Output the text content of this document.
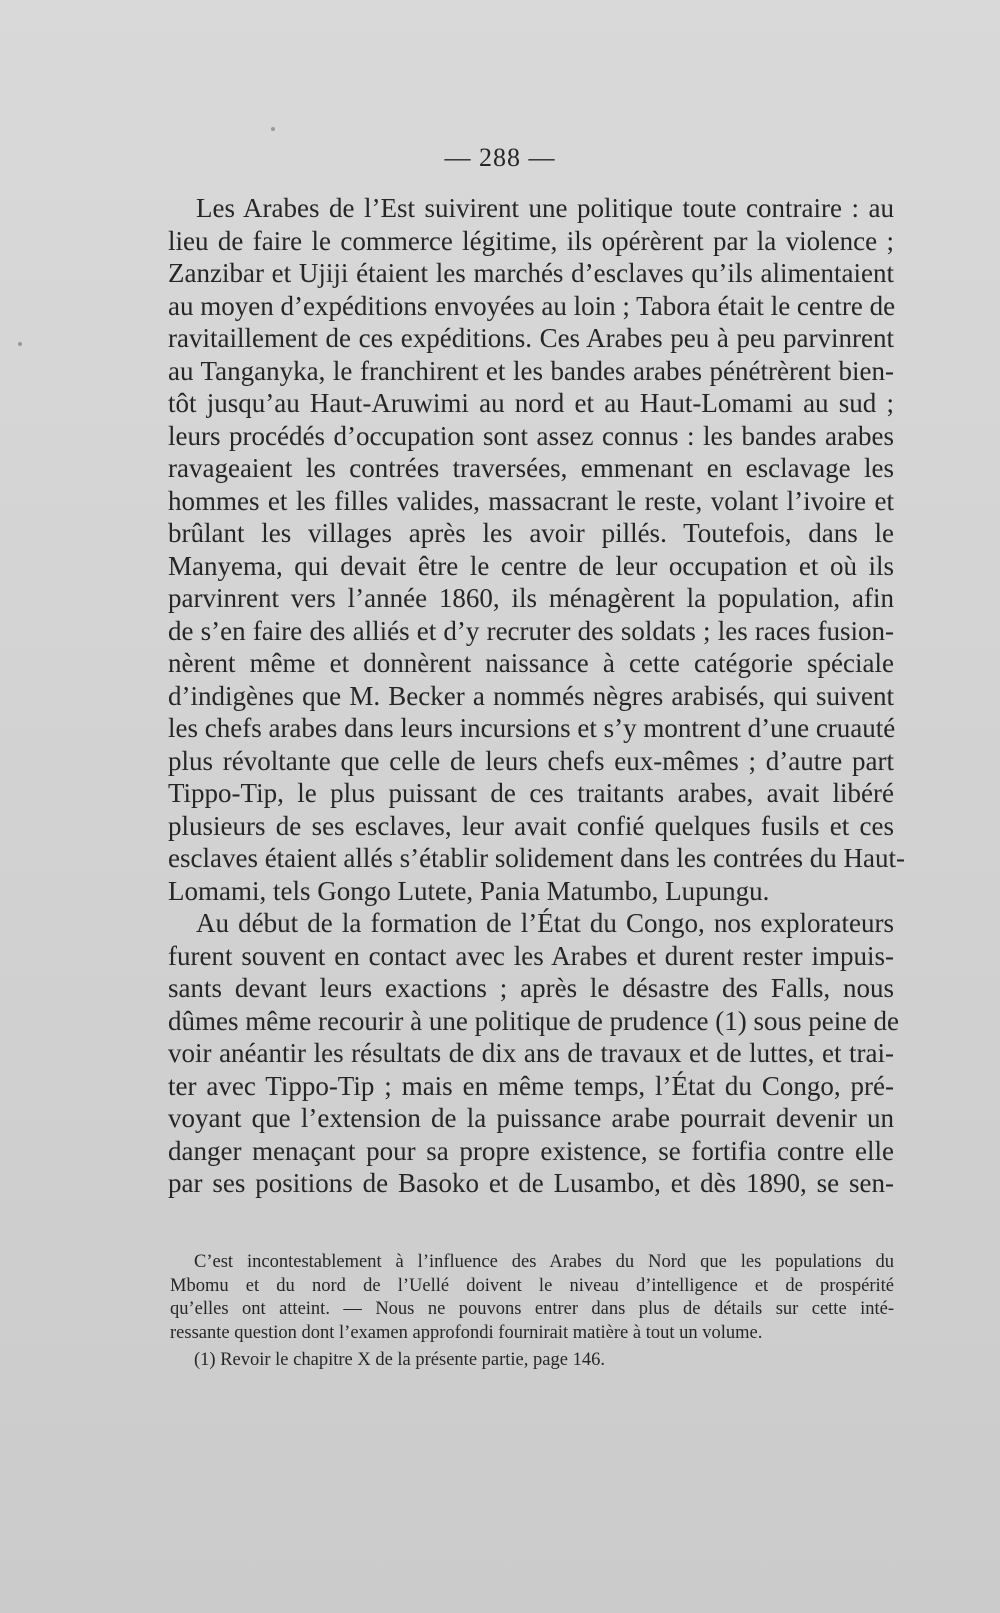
— 288 —
Les Arabes de l’Est suivirent une politique toute contraire : au
lieu de faire le commerce légitime, ils opérèrent par la violence ;
Zanzibar et Ujiji étaient les marchés d’esclaves qu’ils alimentaient
au moyen d’expéditions envoyées au loin ; Tabora était le centre de
ravitaillement de ces expéditions. Ces Arabes peu à peu parvinrent
au Tanganyka, le franchirent et les bandes arabes pénétrèrent bien-
tôt jusqu’au Haut-Aruwimi au nord et au Haut-Lomami au sud ;
leurs procédés d’occupation sont assez connus : les bandes arabes
ravageaient les contrées traversées, emmenant en esclavage les
hommes et les filles valides, massacrant le reste, volant l’ivoire et
brûlant les villages après les avoir pillés. Toutefois, dans le
Manyema, qui devait être le centre de leur occupation et où ils
parvinrent vers l’année 1860, ils ménagèrent la population, afin
de s’en faire des alliés et d’y recruter des soldats ; les races fusion-
nèrent même et donnèrent naissance à cette catégorie spéciale
d’indigènes que M. Becker a nommés nègres arabisés, qui suivent
les chefs arabes dans leurs incursions et s’y montrent d’une cruauté
plus révoltante que celle de leurs chefs eux-mêmes ; d’autre part
Tippo-Tip, le plus puissant de ces traitants arabes, avait libéré
plusieurs de ses esclaves, leur avait confié quelques fusils et ces
esclaves étaient allés s’établir solidement dans les contrées du Haut-
Lomami, tels Gongo Lutete, Pania Matumbo, Lupungu.
Au début de la formation de l’État du Congo, nos explorateurs
furent souvent en contact avec les Arabes et durent rester impuis-
sants devant leurs exactions ; après le désastre des Falls, nous
dûmes même recourir à une politique de prudence (1) sous peine de
voir anéantir les résultats de dix ans de travaux et de luttes, et trai-
ter avec Tippo-Tip ; mais en même temps, l’État du Congo, pré-
voyant que l’extension de la puissance arabe pourrait devenir un
danger menaçant pour sa propre existence, se fortifia contre elle
par ses positions de Basoko et de Lusambo, et dès 1890, se sen-
C’est incontestablement à l’influence des Arabes du Nord que les populations du
Mbomu et du nord de l’Uellé doivent le niveau d’intelligence et de prospérité
qu’elles ont atteint. — Nous ne pouvons entrer dans plus de détails sur cette inté-
ressante question dont l’examen approfondi fournirait matière à tout un volume.
(1) Revoir le chapitre X de la présente partie, page 146.
